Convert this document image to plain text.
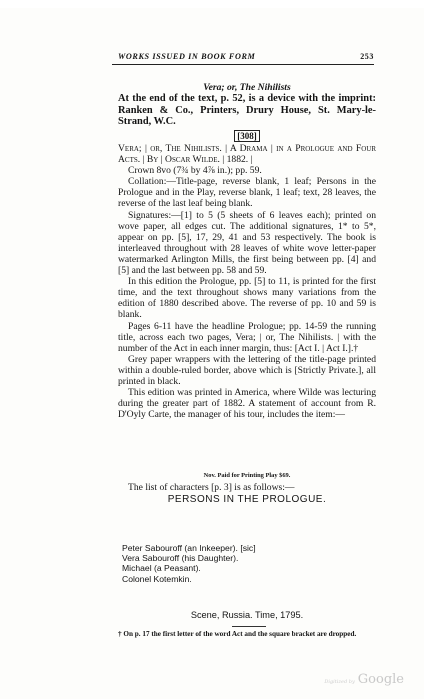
WORKS ISSUED IN BOOK FORM	253
Vera; or, The Nihilists
At the end of the text, p. 52, is a device with the imprint: Ranken & Co., Printers, Drury House, St. Mary-le-Strand, W.C.
[308]

Vera; | or, The Nihilists. | A Drama | in a Prologue and Four Acts. | By | Oscar Wilde. | 1882. |

Crown 8vo (7¾ by 4⅞ in.); pp. 59.

Collation:—Title-page, reverse blank, 1 leaf; Persons in the Prologue and in the Play, reverse blank, 1 leaf; text, 28 leaves, the reverse of the last leaf being blank.

Signatures:—[1] to 5 (5 sheets of 6 leaves each); printed on wove paper, all edges cut. The additional signatures, 1* to 5*, appear on pp. [5], 17, 29, 41 and 53 respectively. The book is interleaved throughout with 28 leaves of white wove letter-paper watermarked Arlington Mills, the first being between pp. [4] and [5] and the last between pp. 58 and 59.

In this edition the Prologue, pp. [5] to 11, is printed for the first time, and the text throughout shows many variations from the edition of 1880 described above. The reverse of pp. 10 and 59 is blank.

Pages 6-11 have the headline Prologue; pp. 14-59 the running title, across each two pages, Vera; | or, The Nihilists. | with the number of the Act in each inner margin, thus: [Act I. | Act I.].†

Grey paper wrappers with the lettering of the title-page printed within a double-ruled border, above which is [Strictly Private.], all printed in black.

This edition was printed in America, where Wilde was lecturing during the greater part of 1882. A statement of account from R. D'Oyly Carte, the manager of his tour, includes the item:—

Nov. Paid for Printing Play $69.
The list of characters [p. 3] is as follows:—
PERSONS IN THE PROLOGUE.
Peter Sabouroff (an Inkeeper). [sic]
Vera Sabouroff (his Daughter).
Michael (a Peasant).
Colonel Kotemkin.
Scene, Russia. Time, 1795.
† On p. 17 the first letter of the word Act and the square bracket are dropped.
Digitized by Google
